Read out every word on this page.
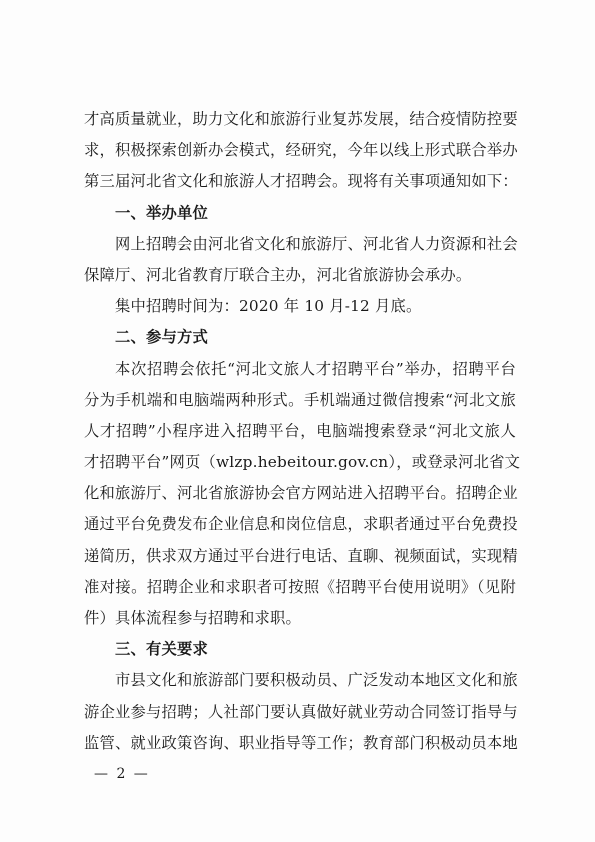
才高质量就业，助力文化和旅游行业复苏发展，结合疫情防控要
求，积极探索创新办会模式，经研究，今年以线上形式联合举办
第三届河北省文化和旅游人才招聘会。现将有关事项通知如下：
一、举办单位
网上招聘会由河北省文化和旅游厅、河北省人力资源和社会
保障厅、河北省教育厅联合主办，河北省旅游协会承办。
集中招聘时间为：2020 年 10 月-12 月底。
二、参与方式
本次招聘会依托“河北文旅人才招聘平台”举办，招聘平台
分为手机端和电脑端两种形式。手机端通过微信搜索“河北文旅
人才招聘”小程序进入招聘平台，电脑端搜索登录“河北文旅人
才招聘平台”网页（wlzp.hebeitour.gov.cn），或登录河北省文
化和旅游厅、河北省旅游协会官方网站进入招聘平台。招聘企业
通过平台免费发布企业信息和岗位信息，求职者通过平台免费投
递简历，供求双方通过平台进行电话、直聊、视频面试，实现精
准对接。招聘企业和求职者可按照《招聘平台使用说明》（见附
件）具体流程参与招聘和求职。
三、有关要求
市县文化和旅游部门要积极动员、广泛发动本地区文化和旅
游企业参与招聘；人社部门要认真做好就业劳动合同签订指导与
监管、就业政策咨询、职业指导等工作；教育部门积极动员本地
— 2 —
